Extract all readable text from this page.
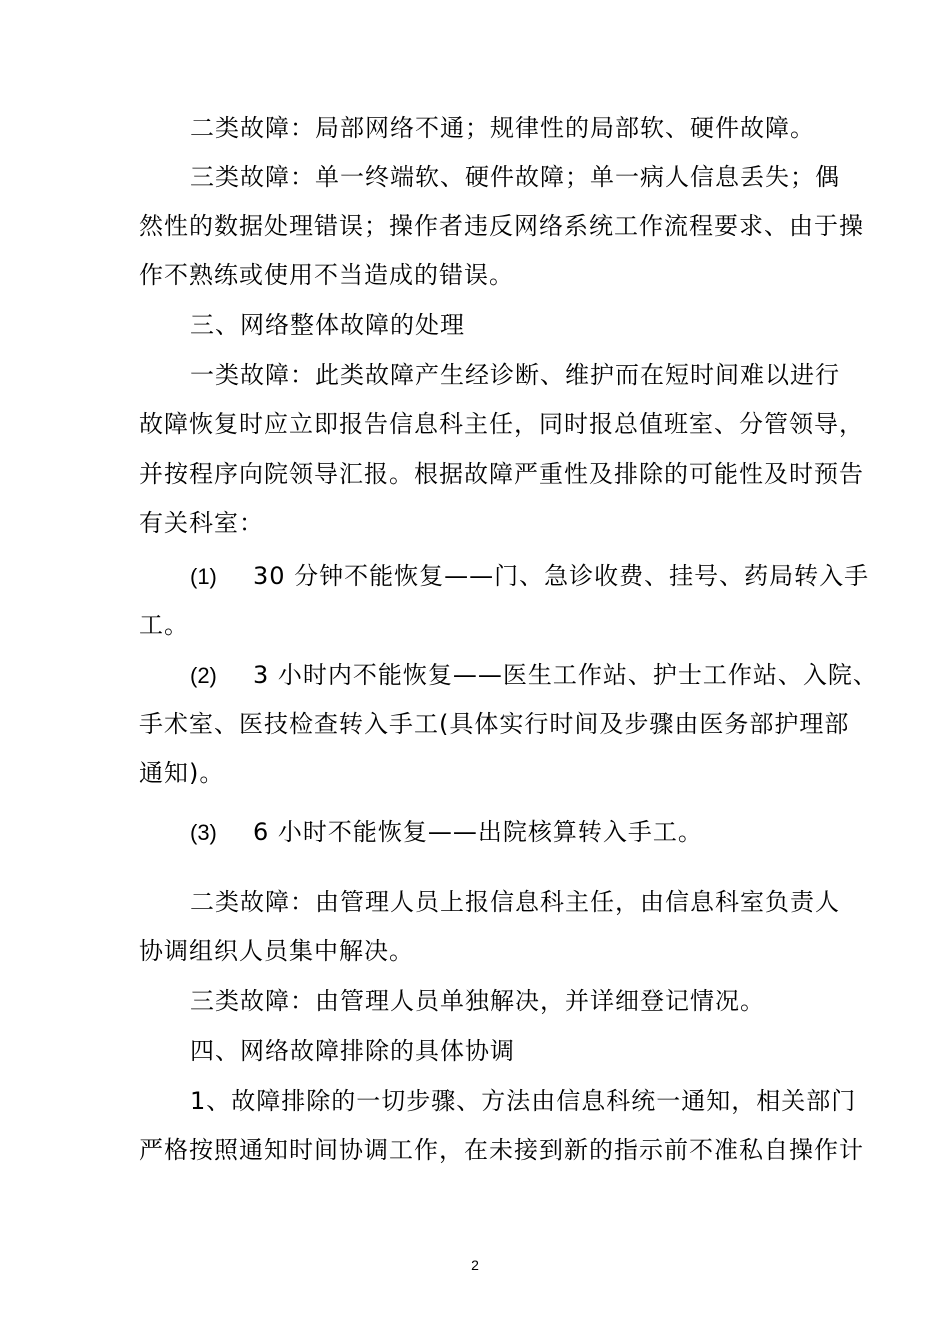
二类故障：局部网络不通；规律性的局部软、硬件故障。
三类故障：单一终端软、硬件故障；单一病人信息丢失；偶
然性的数据处理错误；操作者违反网络系统工作流程要求、由于操
作不熟练或使用不当造成的错误。
三、网络整体故障的处理
一类故障：此类故障产生经诊断、维护而在短时间难以进行
故障恢复时应立即报告信息科主任，同时报总值班室、分管领导，
并按程序向院领导汇报。根据故障严重性及排除的可能性及时预告
有关科室：
(1) 30 分钟不能恢复——门、急诊收费、挂号、药局转入手
工。
(2) 3 小时内不能恢复——医生工作站、护士工作站、入院、
手术室、医技检查转入手工(具体实行时间及步骤由医务部护理部
通知)。
(3) 6 小时不能恢复——出院核算转入手工。
二类故障：由管理人员上报信息科主任，由信息科室负责人
协调组织人员集中解决。
三类故障：由管理人员单独解决，并详细登记情况。
四、网络故障排除的具体协调
1、故障排除的一切步骤、方法由信息科统一通知，相关部门
严格按照通知时间协调工作，在未接到新的指示前不准私自操作计
2
